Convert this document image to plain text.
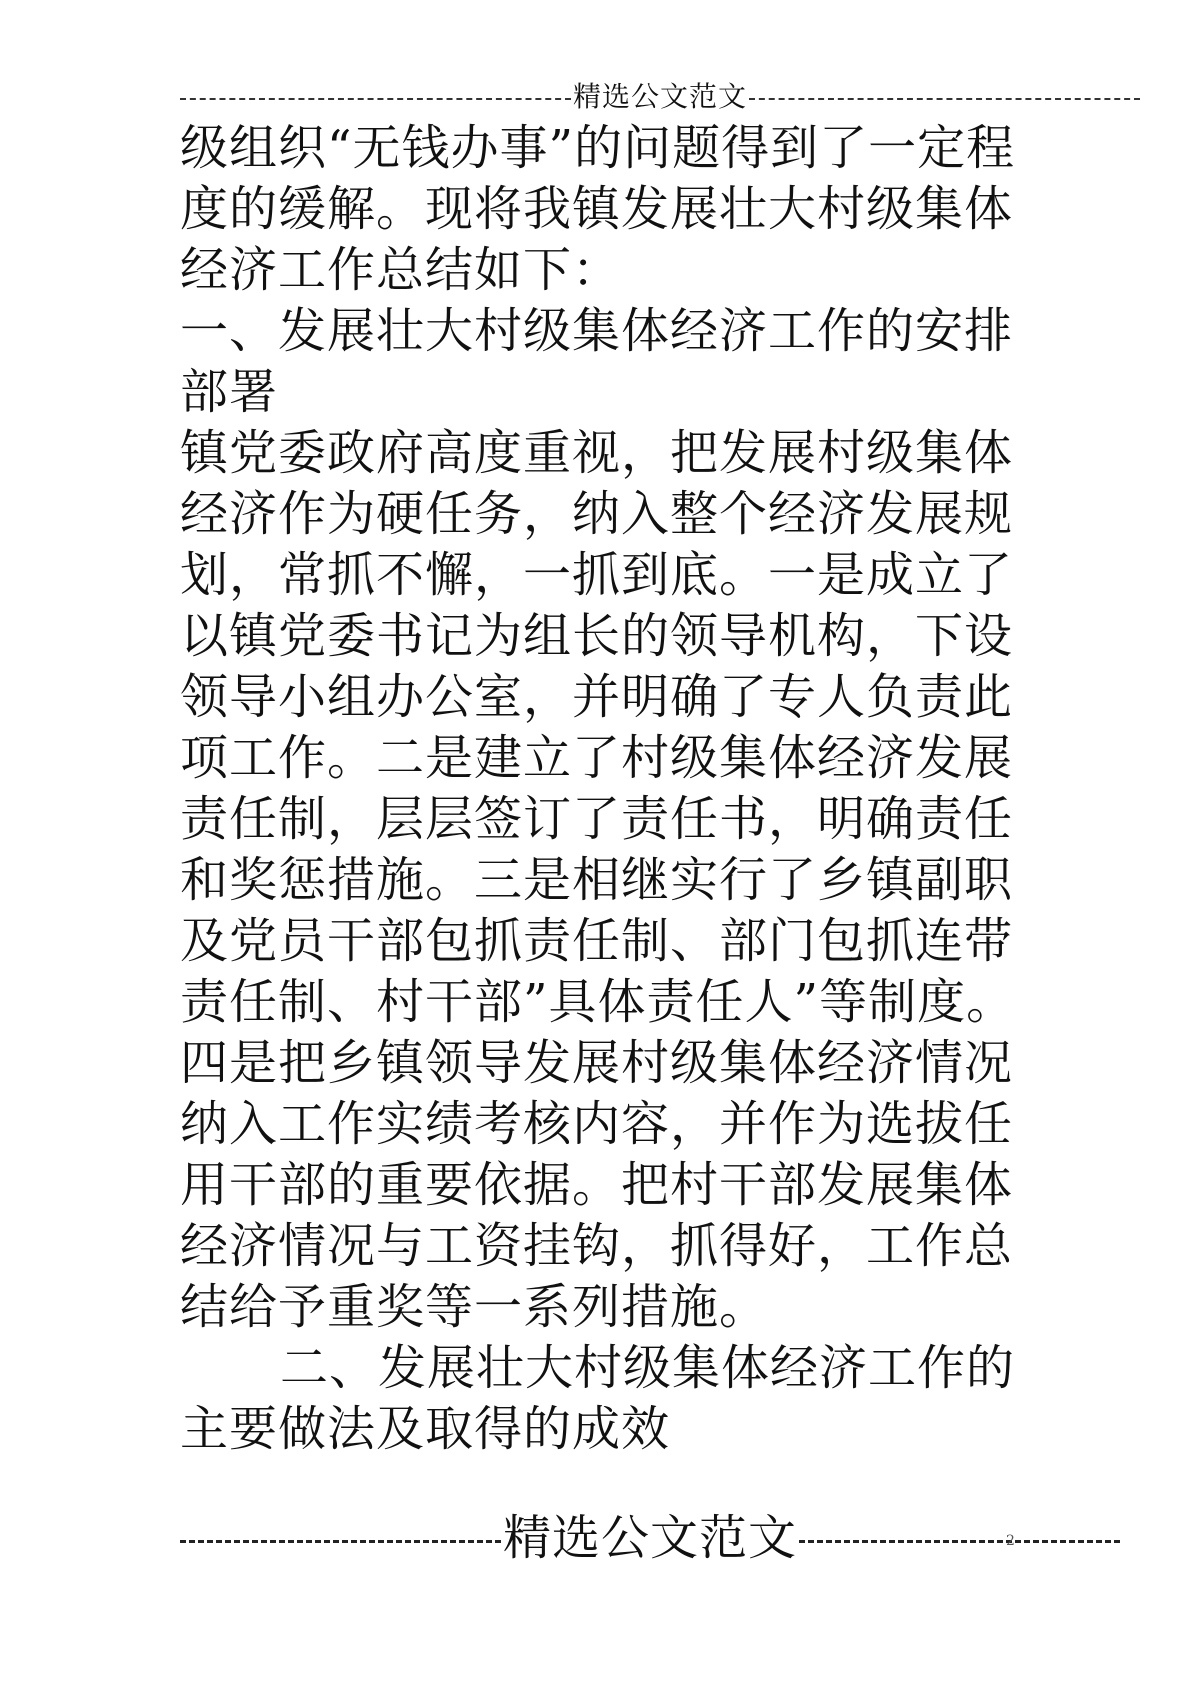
精选公文范文
级组织“无钱办事”的问题得到了一定程
度的缓解。现将我镇发展壮大村级集体
经济工作总结如下：
一、发展壮大村级集体经济工作的安排
部署
镇党委政府高度重视，把发展村级集体
经济作为硬任务，纳入整个经济发展规
划，常抓不懈，一抓到底。一是成立了
以镇党委书记为组长的领导机构，下设
领导小组办公室，并明确了专人负责此
项工作。二是建立了村级集体经济发展
责任制，层层签订了责任书，明确责任
和奖惩措施。三是相继实行了乡镇副职
及党员干部包抓责任制、部门包抓连带
责任制、村干部”具体责任人”等制度。
四是把乡镇领导发展村级集体经济情况
纳入工作实绩考核内容，并作为选拔任
用干部的重要依据。把村干部发展集体
经济情况与工资挂钩，抓得好，工作总
结给予重奖等一系列措施。
二、发展壮大村级集体经济工作的
主要做法及取得的成效
精选公文范文	2
